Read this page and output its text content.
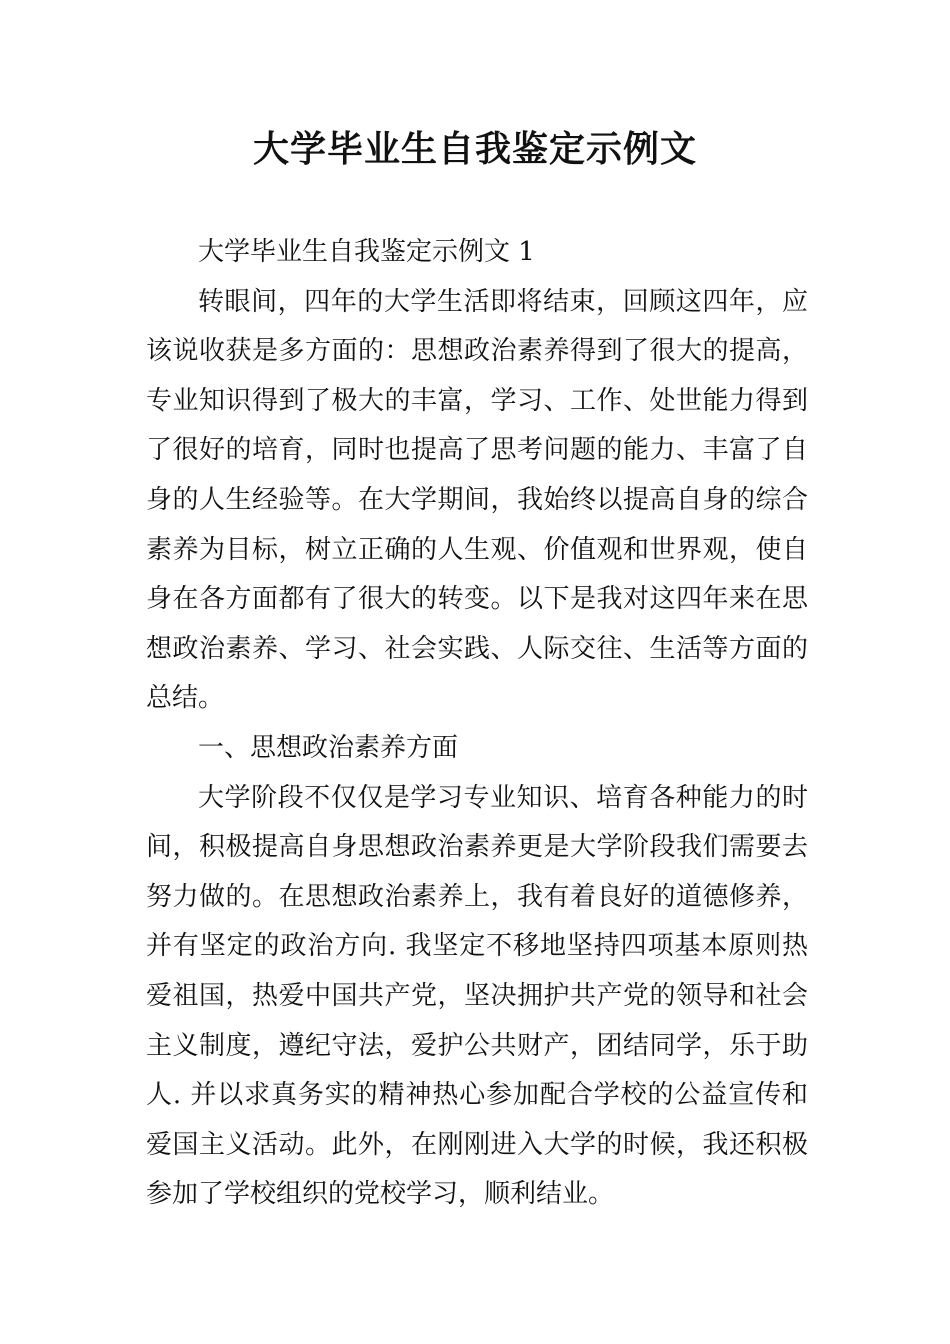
大学毕业生自我鉴定示例文

大学毕业生自我鉴定示例文 1

转眼间，四年的大学生活即将结束，回顾这四年，应该说收获是多方面的：思想政治素养得到了很大的提高，专业知识得到了极大的丰富，学习、工作、处世能力得到了很好的培育，同时也提高了思考问题的能力、丰富了自身的人生经验等。在大学期间，我始终以提高自身的综合素养为目标，树立正确的人生观、价值观和世界观，使自身在各方面都有了很大的转变。以下是我对这四年来在思想政治素养、学习、社会实践、人际交往、生活等方面的总结。

一、思想政治素养方面

大学阶段不仅仅是学习专业知识、培育各种能力的时间，积极提高自身思想政治素养更是大学阶段我们需要去努力做的。在思想政治素养上，我有着良好的道德修养，并有坚定的政治方向. 我坚定不移地坚持四项基本原则热爱祖国，热爱中国共产党，坚决拥护共产党的领导和社会主义制度，遵纪守法，爱护公共财产，团结同学，乐于助人. 并以求真务实的精神热心参加配合学校的公益宣传和爱国主义活动。此外，在刚刚进入大学的时候，我还积极参加了学校组织的党校学习，顺利结业。
